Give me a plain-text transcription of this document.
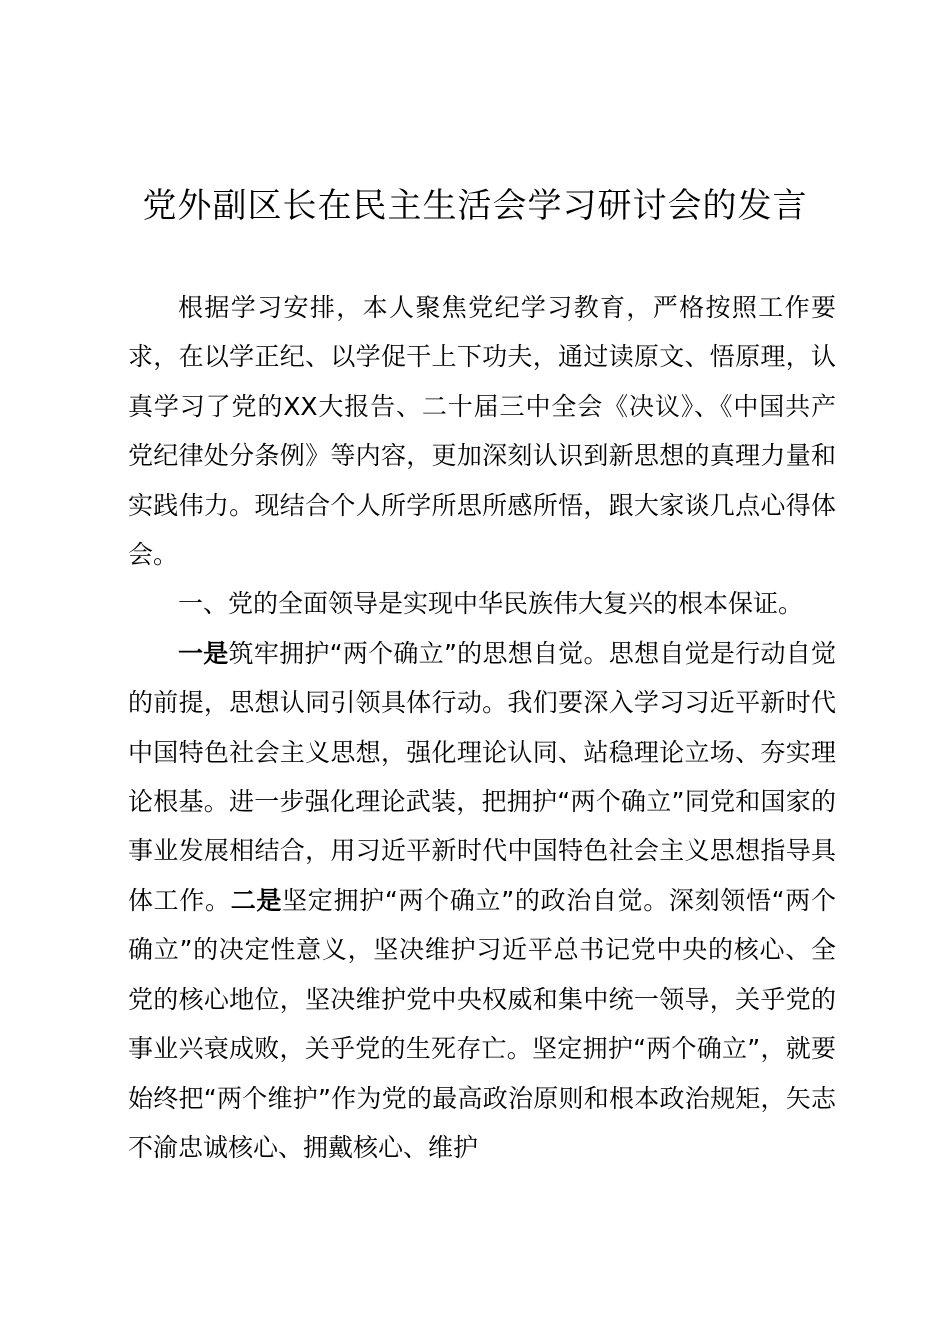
党外副区长在民主生活会学习研讨会的发言

根据学习安排，本人聚焦党纪学习教育，严格按照工作要求，在以学正纪、以学促干上下功夫，通过读原文、悟原理，认真学习了党的XX大报告、二十届三中全会《决议》、《中国共产党纪律处分条例》等内容，更加深刻认识到新思想的真理力量和实践伟力。现结合个人所学所思所感所悟，跟大家谈几点心得体会。

一、党的全面领导是实现中华民族伟大复兴的根本保证。

一是筑牢拥护“两个确立”的思想自觉。思想自觉是行动自觉的前提，思想认同引领具体行动。我们要深入学习习近平新时代中国特色社会主义思想，强化理论认同、站稳理论立场、夯实理论根基。进一步强化理论武装，把拥护“两个确立”同党和国家的事业发展相结合，用习近平新时代中国特色社会主义思想指导具体工作。二是坚定拥护“两个确立”的政治自觉。深刻领悟“两个确立”的决定性意义，坚决维护习近平总书记党中央的核心、全党的核心地位，坚决维护党中央权威和集中统一领导，关乎党的事业兴衰成败，关乎党的生死存亡。坚定拥护“两个确立”，就要始终把“两个维护”作为党的最高政治原则和根本政治规矩，矢志不渝忠诚核心、拥戴核心、维护
